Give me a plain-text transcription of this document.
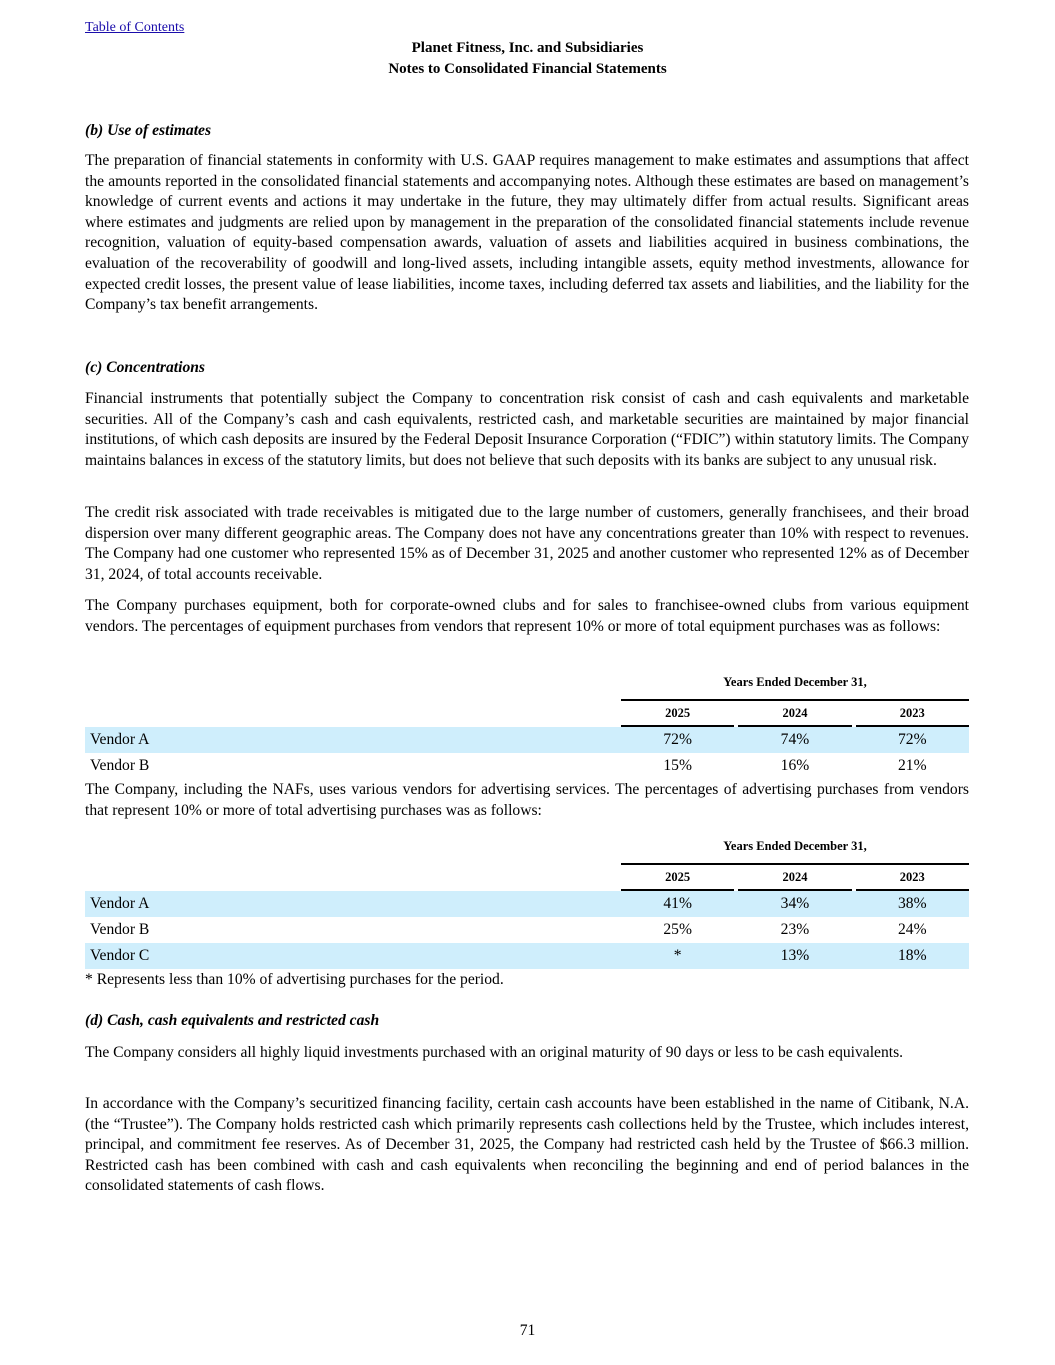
Table of Contents
Planet Fitness, Inc. and Subsidiaries
Notes to Consolidated Financial Statements
(b) Use of estimates
The preparation of financial statements in conformity with U.S. GAAP requires management to make estimates and assumptions that affect the amounts reported in the consolidated financial statements and accompanying notes. Although these estimates are based on management’s knowledge of current events and actions it may undertake in the future, they may ultimately differ from actual results. Significant areas where estimates and judgments are relied upon by management in the preparation of the consolidated financial statements include revenue recognition, valuation of equity-based compensation awards, valuation of assets and liabilities acquired in business combinations, the evaluation of the recoverability of goodwill and long-lived assets, including intangible assets, equity method investments, allowance for expected credit losses, the present value of lease liabilities, income taxes, including deferred tax assets and liabilities, and the liability for the Company’s tax benefit arrangements.
(c) Concentrations
Financial instruments that potentially subject the Company to concentration risk consist of cash and cash equivalents and marketable securities. All of the Company’s cash and cash equivalents, restricted cash, and marketable securities are maintained by major financial institutions, of which cash deposits are insured by the Federal Deposit Insurance Corporation (“FDIC”) within statutory limits. The Company maintains balances in excess of the statutory limits, but does not believe that such deposits with its banks are subject to any unusual risk.
The credit risk associated with trade receivables is mitigated due to the large number of customers, generally franchisees, and their broad dispersion over many different geographic areas. The Company does not have any concentrations greater than 10% with respect to revenues. The Company had one customer who represented 15% as of December 31, 2025 and another customer who represented 12% as of December 31, 2024, of total accounts receivable.
The Company purchases equipment, both for corporate-owned clubs and for sales to franchisee-owned clubs from various equipment vendors. The percentages of equipment purchases from vendors that represent 10% or more of total equipment purchases was as follows:
	Years Ended December 31,				
	2025		2024		2023
Vendor A	72%		74%		72%
Vendor B	15%		16%		21%
The Company, including the NAFs, uses various vendors for advertising services. The percentages of advertising purchases from vendors that represent 10% or more of total advertising purchases was as follows:
	Years Ended December 31,				
	2025		2024		2023
Vendor A	41%		34%		38%
Vendor B	25%		23%		24%
Vendor C	*		13%		18%
* Represents less than 10% of advertising purchases for the period.
(d) Cash, cash equivalents and restricted cash
The Company considers all highly liquid investments purchased with an original maturity of 90 days or less to be cash equivalents.
In accordance with the Company’s securitized financing facility, certain cash accounts have been established in the name of Citibank, N.A. (the “Trustee”). The Company holds restricted cash which primarily represents cash collections held by the Trustee, which includes interest, principal, and commitment fee reserves. As of December 31, 2025, the Company had restricted cash held by the Trustee of $66.3 million. Restricted cash has been combined with cash and cash equivalents when reconciling the beginning and end of period balances in the consolidated statements of cash flows.
71
